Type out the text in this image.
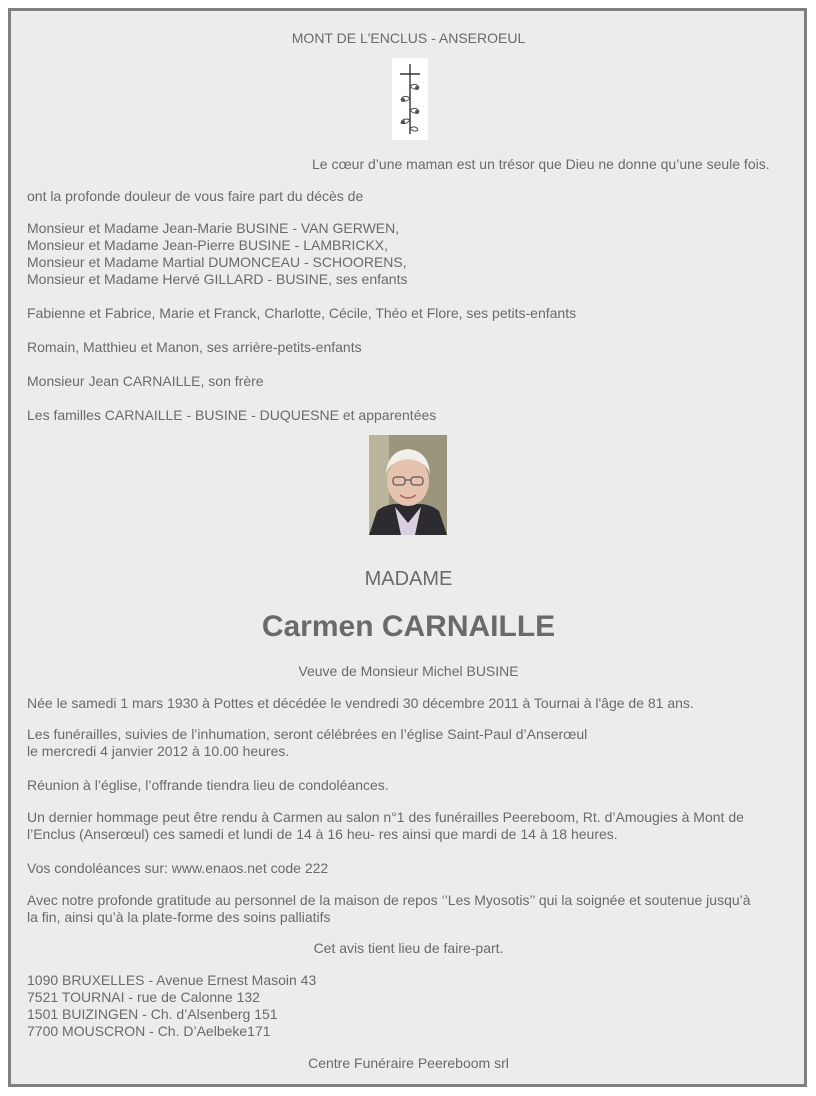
MONT DE L'ENCLUS - ANSEROEUL

Le cœur d’une maman est un trésor que Dieu ne donne qu’une seule fois.

ont la profonde douleur de vous faire part du décès de

Monsieur et Madame Jean-Marie BUSINE - VAN GERWEN,
Monsieur et Madame Jean-Pierre BUSINE - LAMBRICKX,
Monsieur et Madame Martial DUMONCEAU - SCHOORENS,
Monsieur et Madame Hervé GILLARD - BUSINE, ses enfants

Fabienne et Fabrice, Marie et Franck, Charlotte, Cécile, Théo et Flore, ses petits-enfants

Romain, Matthieu et Manon, ses arrière-petits-enfants

Monsieur Jean CARNAILLE, son frère

Les familles CARNAILLE - BUSINE - DUQUESNE et apparentées

MADAME

Carmen CARNAILLE

Veuve de Monsieur Michel BUSINE

Née le samedi 1 mars 1930 à Pottes et décédée le vendredi 30 décembre 2011 à Tournai à l'âge de 81 ans.

Les funérailles, suivies de l’inhumation, seront célébrées en l’église Saint-Paul d’Anserœul
le mercredi 4 janvier 2012 à 10.00 heures.

Réunion à l’église, l’offrande tiendra lieu de condoléances.

Un dernier hommage peut être rendu à Carmen au salon n°1 des funérailles Peereboom, Rt. d’Amougies à Mont de
l’Enclus (Anserœul) ces samedi et lundi de 14 à 16 heu- res ainsi que mardi de 14 à 18 heures.

Vos condoléances sur: www.enaos.net code 222

Avec notre profonde gratitude au personnel de la maison de repos ‘’Les Myosotis’’ qui la soignée et soutenue jusqu’à
la fin, ainsi qu’à la plate-forme des soins palliatifs

Cet avis tient lieu de faire-part.

1090 BRUXELLES - Avenue Ernest Masoin 43
7521 TOURNAI - rue de Calonne 132
1501 BUIZINGEN - Ch. d’Alsenberg 151
7700 MOUSCRON - Ch. D’Aelbeke171

Centre Funéraire Peereboom srl
